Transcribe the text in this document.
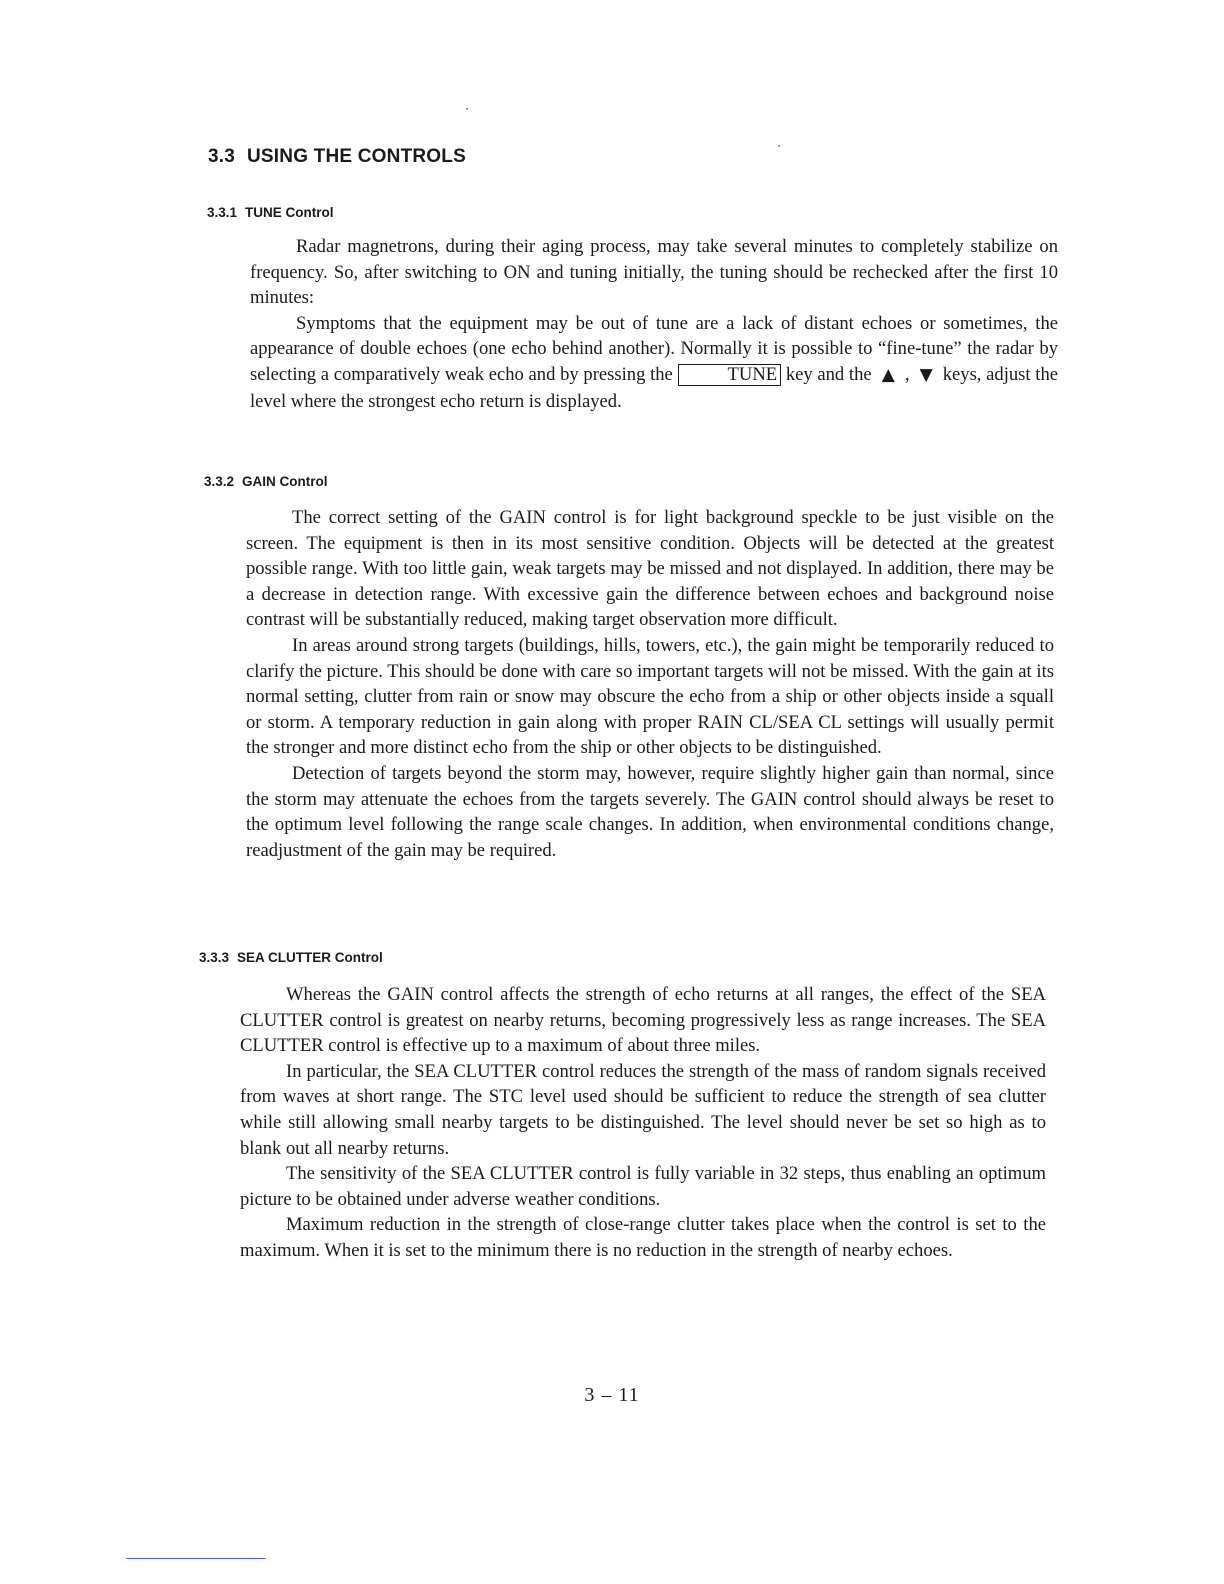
3.3 USING THE CONTROLS
3.3.1 TUNE Control

Radar magnetrons, during their aging process, may take several minutes to completely stabilize on frequency. So, after switching to ON and tuning initially, the tuning should be rechecked after the first 10 minutes:

Symptoms that the equipment may be out of tune are a lack of distant echoes or sometimes, the appearance of double echoes (one echo behind another). Normally it is possible to “fine-tune” the radar by selecting a comparatively weak echo and by pressing the	TUNE key and the ▲ , ▼ keys, adjust the level where the strongest echo return is displayed.

3.3.2 GAIN Control

The correct setting of the GAIN control is for light background speckle to be just visible on the screen. The equipment is then in its most sensitive condition. Objects will be detected at the greatest possible range. With too little gain, weak targets may be missed and not displayed. In addition, there may be a decrease in detection range. With excessive gain the difference between echoes and background noise contrast will be substantially reduced, making target observation more difficult.

In areas around strong targets (buildings, hills, towers, etc.), the gain might be temporarily reduced to clarify the picture. This should be done with care so important targets will not be missed. With the gain at its normal setting, clutter from rain or snow may obscure the echo from a ship or other objects inside a squall or storm. A temporary reduction in gain along with proper RAIN CL/SEA CL settings will usually permit the stronger and more distinct echo from the ship or other objects to be distinguished.

Detection of targets beyond the storm may, however, require slightly higher gain than normal, since the storm may attenuate the echoes from the targets severely. The GAIN control should always be reset to the optimum level following the range scale changes. In addition, when environmental conditions change, readjustment of the gain may be required.

3.3.3 SEA CLUTTER Control

Whereas the GAIN control affects the strength of echo returns at all ranges, the effect of the SEA CLUTTER control is greatest on nearby returns, becoming progressively less as range increases. The SEA CLUTTER control is effective up to a maximum of about three miles.

In particular, the SEA CLUTTER control reduces the strength of the mass of random signals received from waves at short range. The STC level used should be sufficient to reduce the strength of sea clutter while still allowing small nearby targets to be distinguished. The level should never be set so high as to blank out all nearby returns.

The sensitivity of the SEA CLUTTER control is fully variable in 32 steps, thus enabling an optimum picture to be obtained under adverse weather conditions.

Maximum reduction in the strength of close-range clutter takes place when the control is set to the maximum. When it is set to the minimum there is no reduction in the strength of nearby echoes.

3 – 11
